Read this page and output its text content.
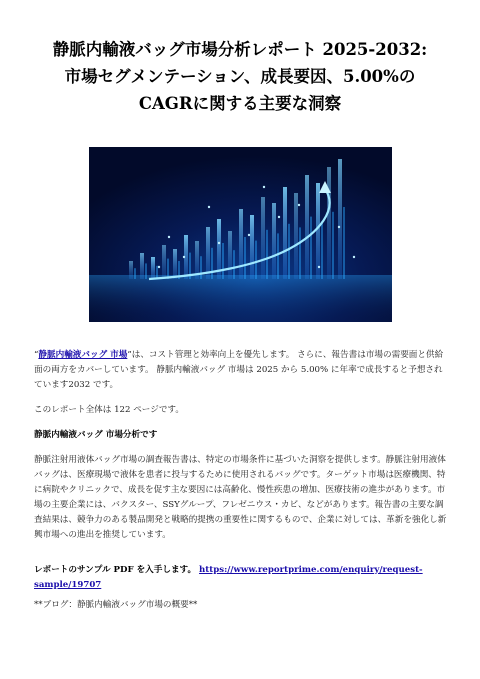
静脈内輸液バッグ市場分析レポート 2025-2032:
市場セグメンテーション、成長要因、5.00%の
CAGRに関する主要な洞察

“静脈内輸液バッグ 市場”は、コスト管理と効率向上を優先します。 さらに、報告書は市場の需要面と供給面の両方をカバーしています。 静脈内輸液バッグ 市場は 2025 から 5.00% に年率で成長すると予想されています2032 です。

このレポート全体は 122 ページです。

静脈内輸液バッグ 市場分析です

静脈注射用液体バッグ市場の調査報告書は、特定の市場条件に基づいた洞察を提供します。静脈注射用液体バッグは、医療現場で液体を患者に投与するために使用されるバッグです。ターゲット市場は医療機関、特に病院やクリニックで、成長を促す主な要因には高齢化、慢性疾患の増加、医療技術の進歩があります。市場の主要企業には、バクスター、SSYグループ、フレゼニウス・カビ、などがあります。報告書の主要な調査結果は、競争力のある製品開発と戦略的提携の重要性に関するもので、企業に対しては、革新を強化し新興市場への進出を推奨しています。

レポートのサンプル PDF を入手します。 https://www.reportprime.com/enquiry/request-sample/19707

**ブログ：静脈内輸液バッグ市場の概要**
